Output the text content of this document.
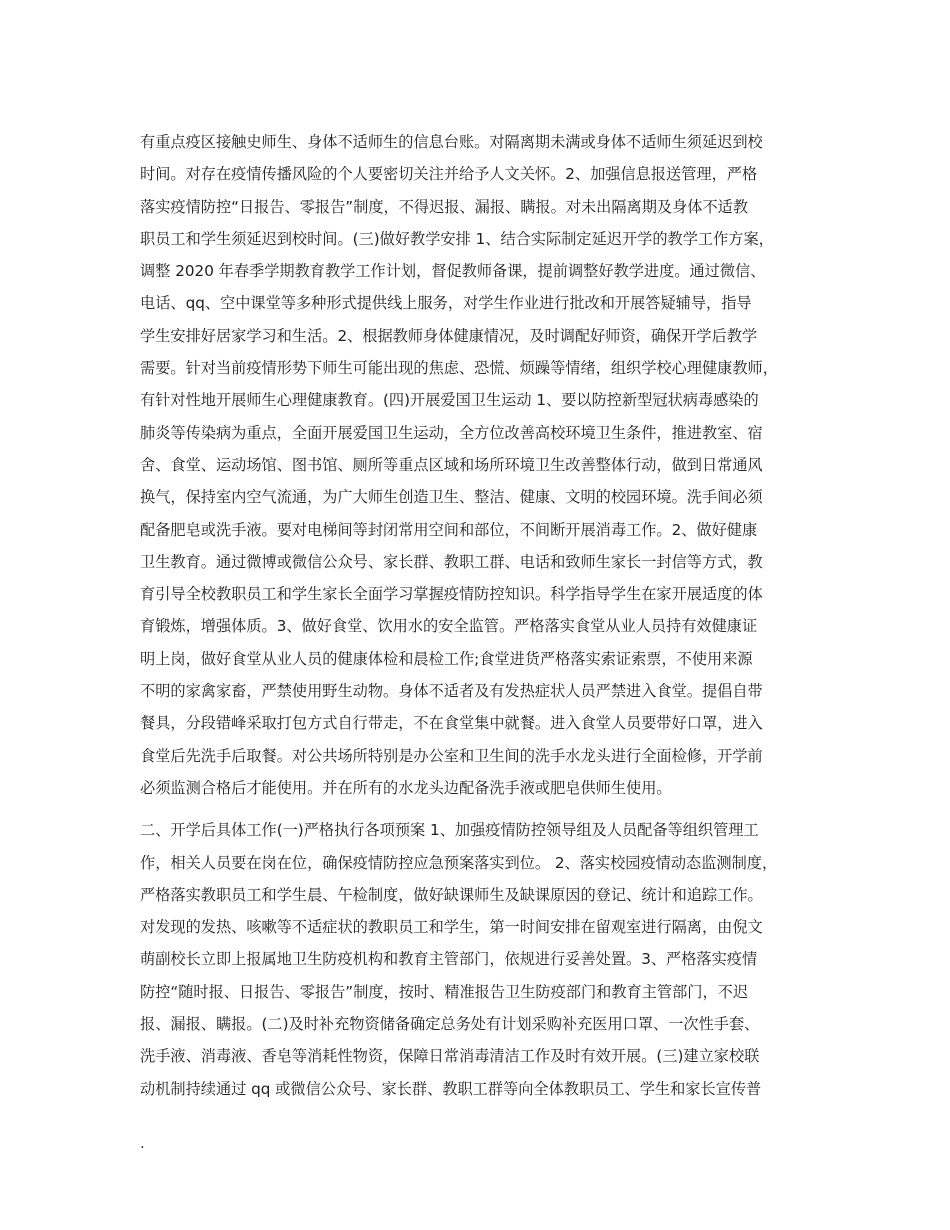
有重点疫区接触史师生、身体不适师生的信息台账。对隔离期未满或身体不适师生须延迟到校
时间。对存在疫情传播风险的个人要密切关注并给予人文关怀。2、加强信息报送管理，严格
落实疫情防控“日报告、零报告”制度，不得迟报、漏报、瞒报。对未出隔离期及身体不适教
职员工和学生须延迟到校时间。(三)做好教学安排 1、结合实际制定延迟开学的教学工作方案，
调整 2020 年春季学期教育教学工作计划，督促教师备课，提前调整好教学进度。通过微信、
电话、qq、空中课堂等多种形式提供线上服务，对学生作业进行批改和开展答疑辅导，指导
学生安排好居家学习和生活。2、根据教师身体健康情况，及时调配好师资，确保开学后教学
需要。针对当前疫情形势下师生可能出现的焦虑、恐慌、烦躁等情绪，组织学校心理健康教师，
有针对性地开展师生心理健康教育。(四)开展爱国卫生运动 1、要以防控新型冠状病毒感染的
肺炎等传染病为重点，全面开展爱国卫生运动，全方位改善高校环境卫生条件，推进教室、宿
舍、食堂、运动场馆、图书馆、厕所等重点区域和场所环境卫生改善整体行动，做到日常通风
换气，保持室内空气流通，为广大师生创造卫生、整洁、健康、文明的校园环境。洗手间必须
配备肥皂或洗手液。要对电梯间等封闭常用空间和部位，不间断开展消毒工作。2、做好健康
卫生教育。通过微博或微信公众号、家长群、教职工群、电话和致师生家长一封信等方式，教
育引导全校教职员工和学生家长全面学习掌握疫情防控知识。科学指导学生在家开展适度的体
育锻炼，增强体质。3、做好食堂、饮用水的安全监管。严格落实食堂从业人员持有效健康证
明上岗，做好食堂从业人员的健康体检和晨检工作;食堂进货严格落实索证索票，不使用来源
不明的家禽家畜，严禁使用野生动物。身体不适者及有发热症状人员严禁进入食堂。提倡自带
餐具，分段错峰采取打包方式自行带走，不在食堂集中就餐。进入食堂人员要带好口罩，进入
食堂后先洗手后取餐。对公共场所特别是办公室和卫生间的洗手水龙头进行全面检修，开学前
必须监测合格后才能使用。并在所有的水龙头边配备洗手液或肥皂供师生使用。

二、开学后具体工作(一)严格执行各项预案 1、加强疫情防控领导组及人员配备等组织管理工
作，相关人员要在岗在位，确保疫情防控应急预案落实到位。 2、落实校园疫情动态监测制度，
严格落实教职员工和学生晨、午检制度，做好缺课师生及缺课原因的登记、统计和追踪工作。
对发现的发热、咳嗽等不适症状的教职员工和学生，第一时间安排在留观室进行隔离，由倪文
萌副校长立即上报属地卫生防疫机构和教育主管部门，依规进行妥善处置。3、严格落实疫情
防控“随时报、日报告、零报告”制度，按时、精准报告卫生防疫部门和教育主管部门，不迟
报、漏报、瞒报。(二)及时补充物资储备确定总务处有计划采购补充医用口罩、一次性手套、
洗手液、消毒液、香皂等消耗性物资，保障日常消毒清洁工作及时有效开展。(三)建立家校联
动机制持续通过 qq 或微信公众号、家长群、教职工群等向全体教职员工、学生和家长宣传普

.
